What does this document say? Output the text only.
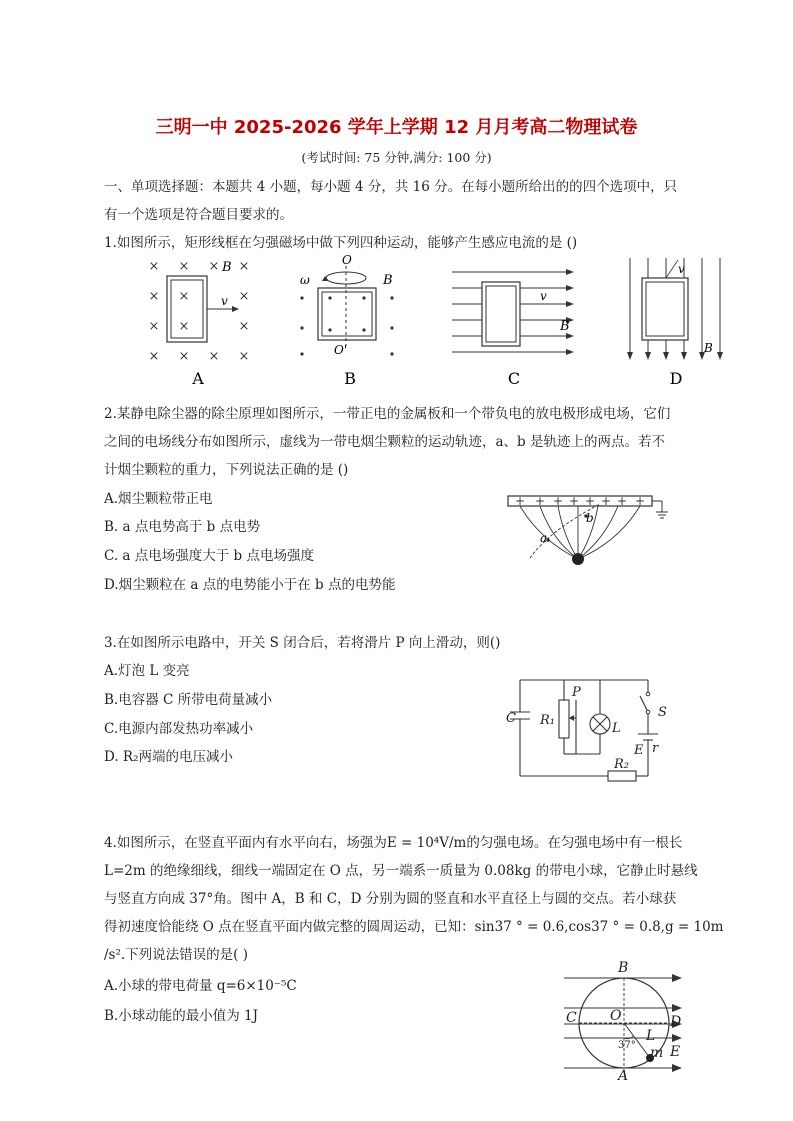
三明一中 2025-2026 学年上学期 12 月月考高二物理试卷
(考试时间: 75 分钟,满分: 100 分)
一、单项选择题：本题共 4 小题，每小题 4 分，共 16 分。在每小题所给出的的四个选项中，只
有一个选项是符合题目要求的。
1.如图所示，矩形线框在匀强磁场中做下列四种运动，能够产生感应电流的是 ()
× × × ×
×	×
×	×
× × × ×
×
×
v
B
A
ω
O
B
O'
B
v
B
C
v
B
D
2.某静电除尘器的除尘原理如图所示，一带正电的金属板和一个带负电的放电极形成电场，它们
之间的电场线分布如图所示，虚线为一带电烟尘颗粒的运动轨迹，a、b 是轨迹上的两点。若不
计烟尘颗粒的重力，下列说法正确的是 ()
A.烟尘颗粒带正电
B. a 点电势高于 b 点电势
C. a 点电场强度大于 b 点电场强度
D.烟尘颗粒在 a 点的电势能小于在 b 点的电势能
+ + + + + + + +
a
b
3.在如图所示电路中，开关 S 闭合后，若将滑片 P 向上滑动，则()
A.灯泡 L 变亮
B.电容器 C 所带电荷量减小
C.电源内部发热功率减小
D. R₂两端的电压减小
C R₁
P
L
S
E r
R₂
4.如图所示，在竖直平面内有水平向右，场强为E = 10⁴V/m的匀强电场。在匀强电场中有一根长
L=2m 的绝缘细线，细线一端固定在 O 点，另一端系一质量为 0.08kg 的带电小球，它静止时悬线
与竖直方向成 37°角。图中 A，B 和 C，D 分别为圆的竖直和水平直径上与圆的交点。若小球获
得初速度恰能绕 O 点在竖直平面内做完整的圆周运动，已知：sin37 ° = 0.6,cos37 ° = 0.8,g = 10m
/s².下列说法错误的是( )
A.小球的带电荷量 q=6×10⁻⁵C
B.小球动能的最小值为 1J
B
C O	D
L
m E
A
37°
